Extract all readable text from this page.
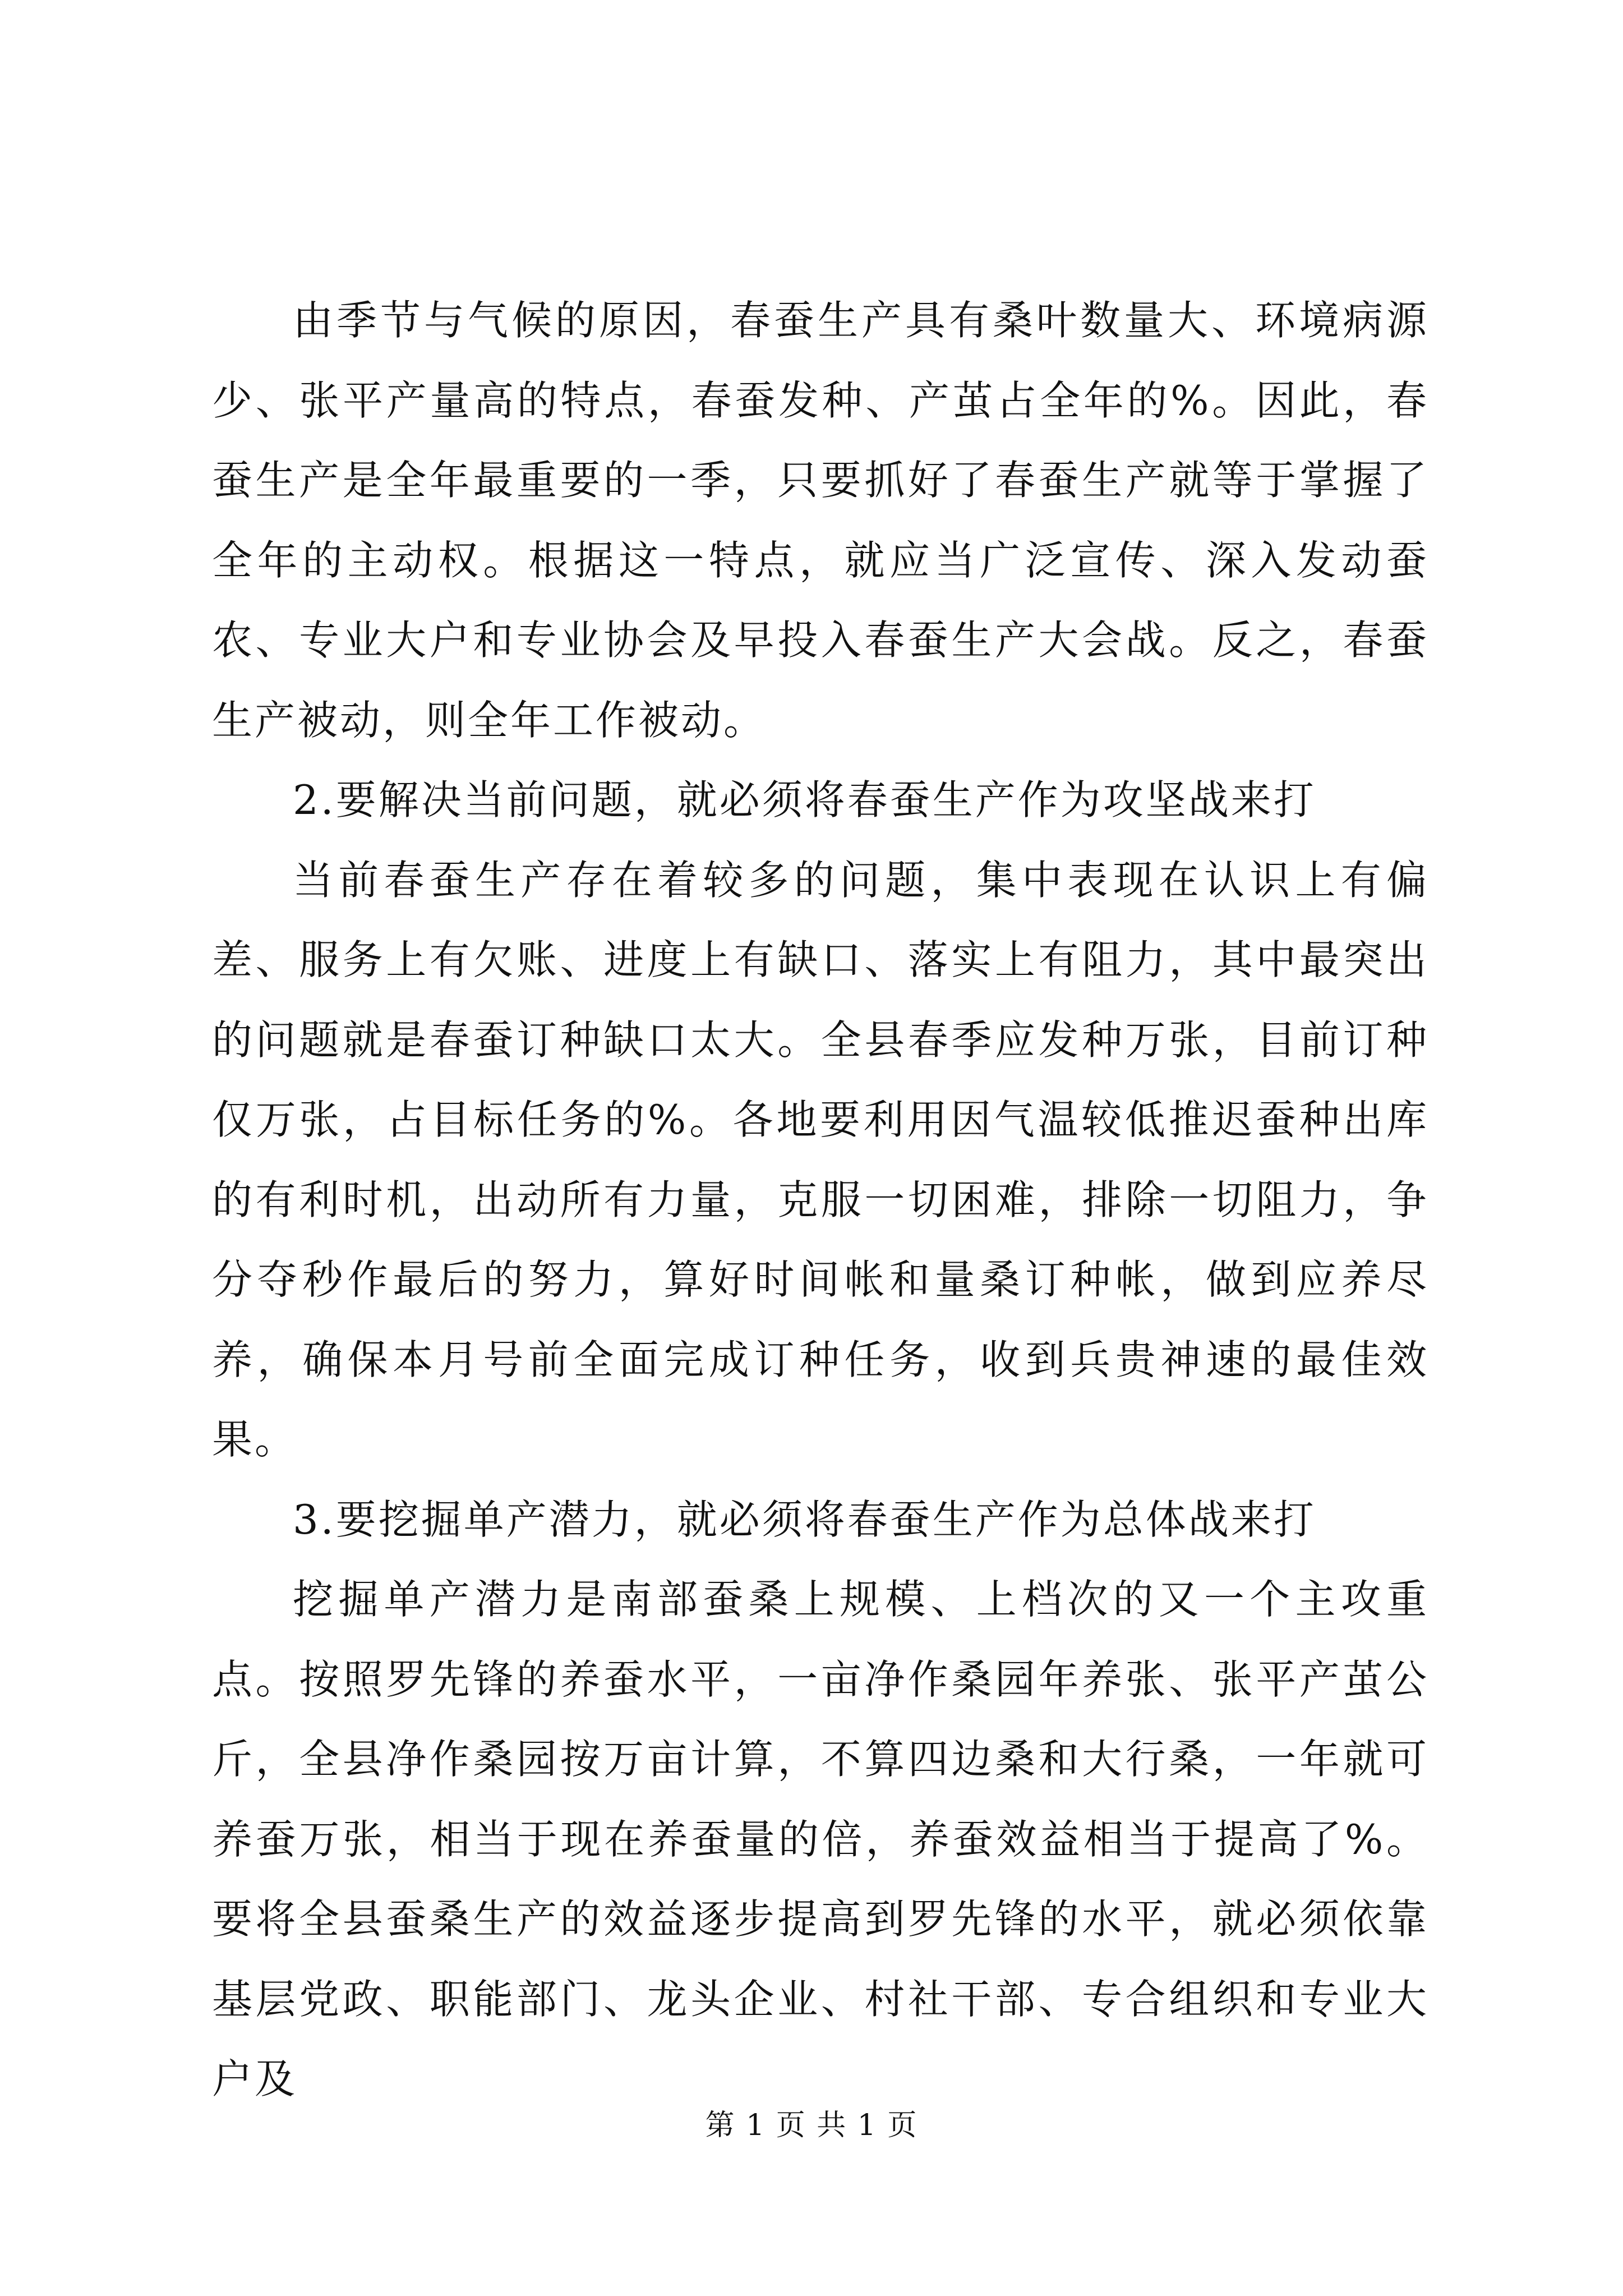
由季节与气候的原因，春蚕生产具有桑叶数量大、环境病源少、张平产量高的特点，春蚕发种、产茧占全年的%。因此，春蚕生产是全年最重要的一季，只要抓好了春蚕生产就等于掌握了全年的主动权。根据这一特点，就应当广泛宣传、深入发动蚕农、专业大户和专业协会及早投入春蚕生产大会战。反之，春蚕生产被动，则全年工作被动。

2.要解决当前问题，就必须将春蚕生产作为攻坚战来打

当前春蚕生产存在着较多的问题，集中表现在认识上有偏差、服务上有欠账、进度上有缺口、落实上有阻力，其中最突出的问题就是春蚕订种缺口太大。全县春季应发种万张，目前订种仅万张，占目标任务的%。各地要利用因气温较低推迟蚕种出库的有利时机，出动所有力量，克服一切困难，排除一切阻力，争分夺秒作最后的努力，算好时间帐和量桑订种帐，做到应养尽养，确保本月号前全面完成订种任务，收到兵贵神速的最佳效果。

3.要挖掘单产潜力，就必须将春蚕生产作为总体战来打

挖掘单产潜力是南部蚕桑上规模、上档次的又一个主攻重点。按照罗先锋的养蚕水平，一亩净作桑园年养张、张平产茧公斤，全县净作桑园按万亩计算，不算四边桑和大行桑，一年就可养蚕万张，相当于现在养蚕量的倍，养蚕效益相当于提高了%。要将全县蚕桑生产的效益逐步提高到罗先锋的水平，就必须依靠基层党政、职能部门、龙头企业、村社干部、专合组织和专业大户及

第 1 页 共 1 页
